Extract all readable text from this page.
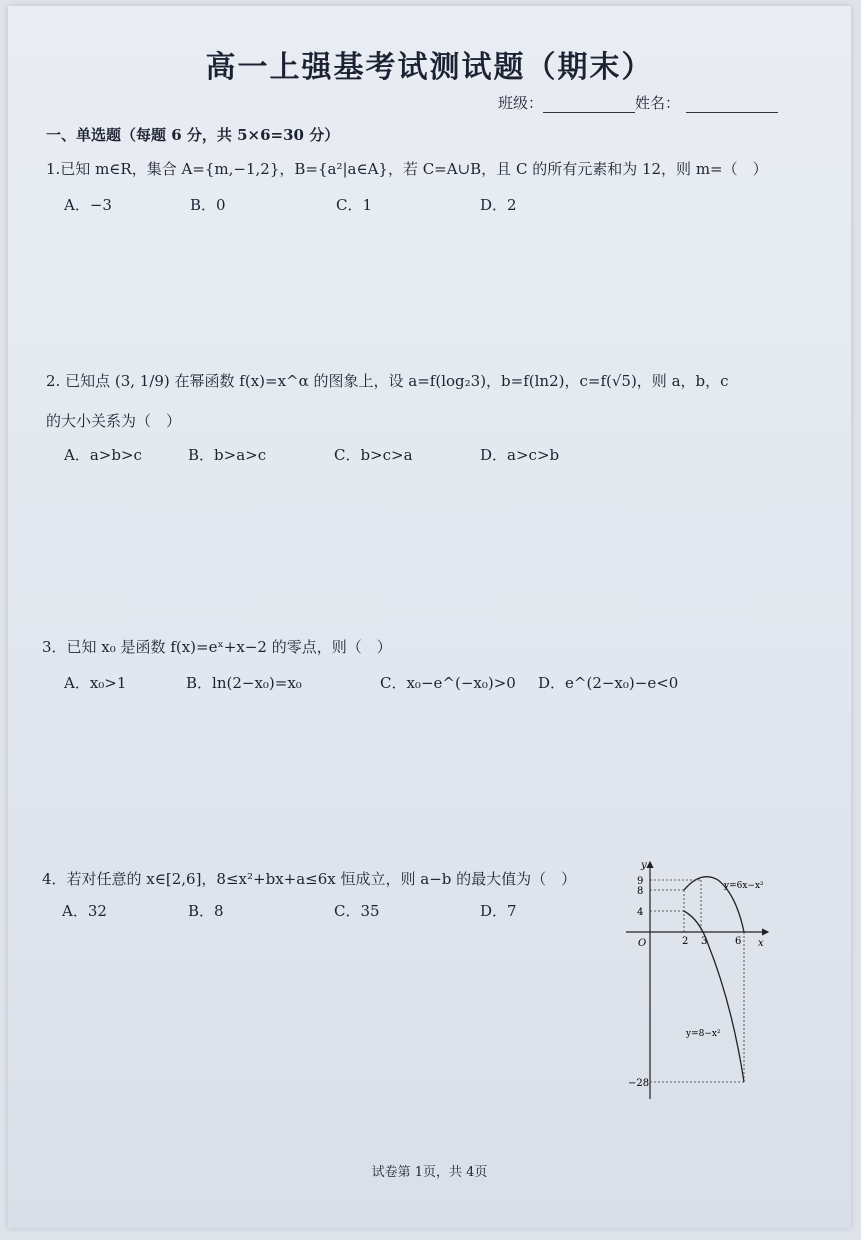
高一上强基考试测试题（期末）
班级：	姓名：
一、单选题（每题 6 分，共 5×6=30 分）
1.已知 m∈R，集合 A={m,−1,2}，B={a²|a∈A}，若 C=A∪B，且 C 的所有元素和为 12，则 m=（　）
A．−3	B．0	C．1	D．2
2. 已知点 (3, 1/9) 在幂函数 f(x)=x^α 的图象上，设 a=f(log₂3)，b=f(ln2)，c=f(√5)，则 a，b，c
的大小关系为（　）
A．a>b>c	B．b>a>c	C．b>c>a	D．a>c>b
3．已知 x₀ 是函数 f(x)=eˣ+x−2 的零点，则（　）
A．x₀>1	B．ln(2−x₀)=x₀	C．x₀−e^(−x₀)>0 D．e^(2−x₀)−e<0
4．若对任意的 x∈[2,6]，8≤x²+bx+a≤6x 恒成立，则 a−b 的最大值为（　）
A．32	B．8	C．35	D．7
y
x
O
9
8
4
−28
2 3	6
y=6x−x²
y=8−x²
试卷第 1页，共 4页
